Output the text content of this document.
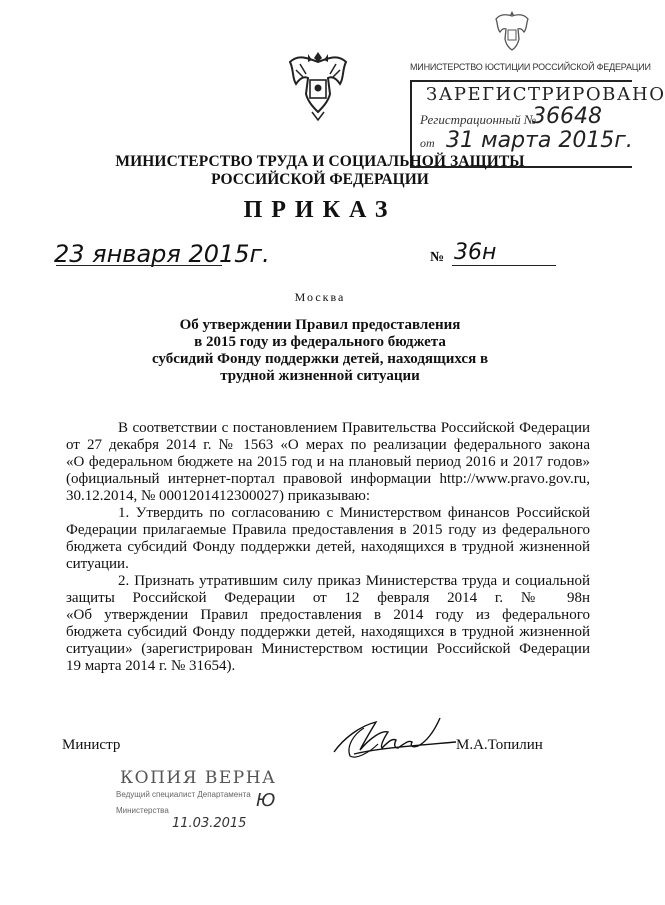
МИНИСТЕРСТВО ЮСТИЦИИ РОССИЙСКОЙ ФЕДЕРАЦИИ
ЗАРЕГИСТРИРОВАНО
Регистрационный №
36648
от 31 марта 2015г.
МИНИСТЕРСТВО ТРУДА И СОЦИАЛЬНОЙ ЗАЩИТЫ
РОССИЙСКОЙ ФЕДЕРАЦИИ
ПРИКАЗ
23 января 2015г.	№ 36н
Москва
Об утверждении Правил предоставления
в 2015 году из федерального бюджета
субсидий Фонду поддержки детей, находящихся в
трудной жизненной ситуации
В соответствии с постановлением Правительства Российской Федерации
от 27 декабря 2014 г. № 1563 «О мерах по реализации федерального закона
«О федеральном бюджете на 2015 год и на плановый период 2016 и 2017 годов»
(официальный интернет-портал правовой информации http://www.pravo.gov.ru,
30.12.2014, № 0001201412300027) приказываю:
1. Утвердить по согласованию с Министерством финансов Российской
Федерации прилагаемые Правила предоставления в 2015 году из федерального
бюджета субсидий Фонду поддержки детей, находящихся в трудной жизненной
ситуации.
2. Признать утратившим силу приказ Министерства труда и социальной
защиты Российской Федерации от 12 февраля 2014 г. № 98н
«Об утверждении Правил предоставления в 2014 году из федерального
бюджета субсидий Фонду поддержки детей, находящихся в трудной жизненной
ситуации» (зарегистрирован Министерством юстиции Российской Федерации
19 марта 2014 г. № 31654).
Министр	М.А.Топилин
КОПИЯ ВЕРНА
Ведущий специалист Департамента
Министерства	Ю
11.03.2015
